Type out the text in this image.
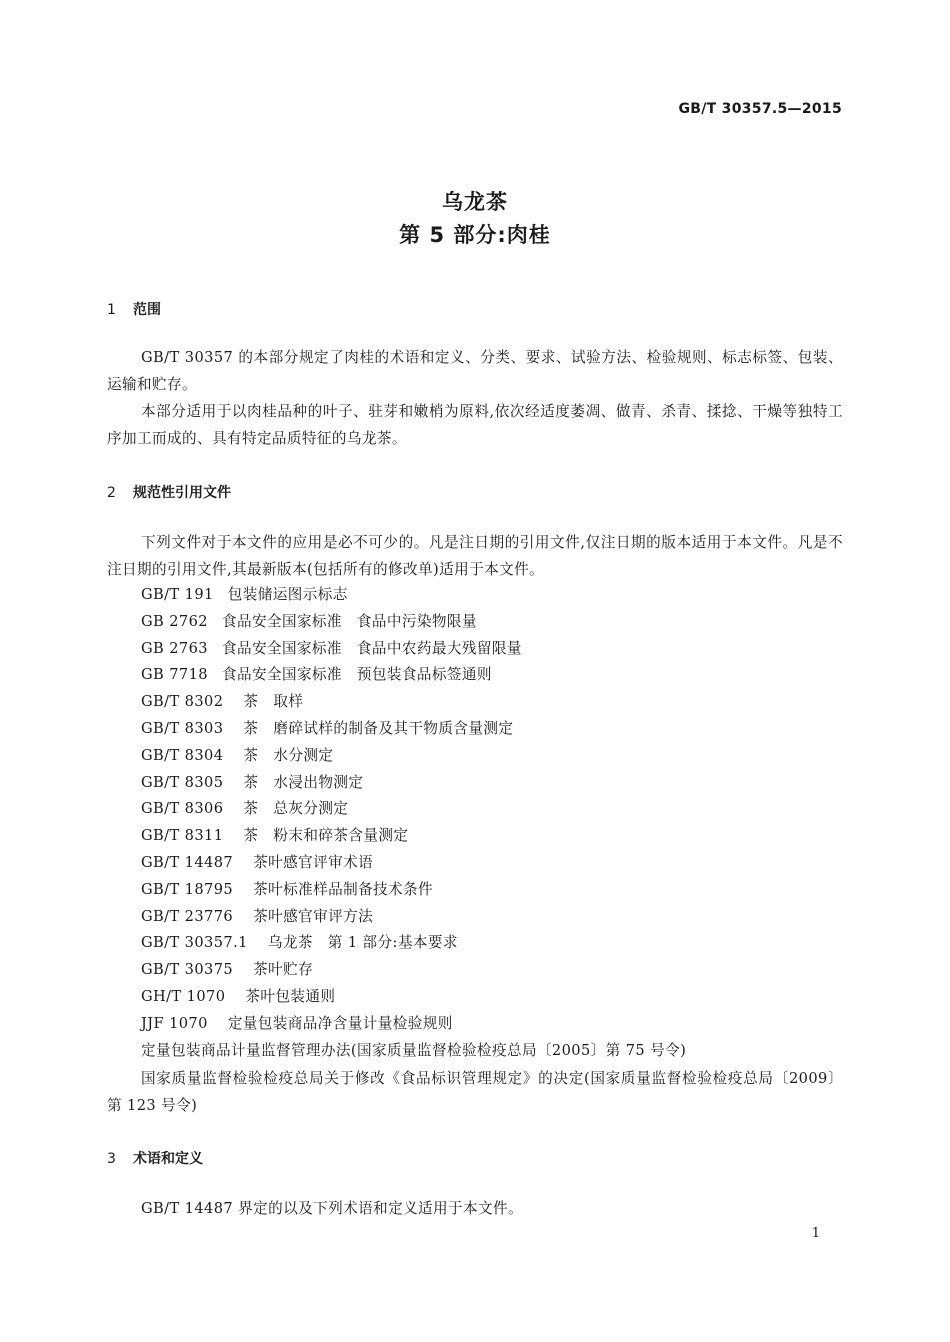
GB/T 30357.5—2015
乌龙茶
第 5 部分:肉桂
1 范围

GB/T 30357 的本部分规定了肉桂的术语和定义、分类、要求、试验方法、检验规则、标志标签、包装、运输和贮存。

本部分适用于以肉桂品种的叶子、驻芽和嫩梢为原料,依次经适度萎凋、做青、杀青、揉捻、干燥等独特工序加工而成的、具有特定品质特征的乌龙茶。

2 规范性引用文件

下列文件对于本文件的应用是必不可少的。凡是注日期的引用文件,仅注日期的版本适用于本文件。凡是不注日期的引用文件,其最新版本(包括所有的修改单)适用于本文件。

GB/T 191 包装储运图示标志
GB 2762 食品安全国家标准　食品中污染物限量
GB 2763 食品安全国家标准　食品中农药最大残留限量
GB 7718 食品安全国家标准　预包装食品标签通则
GB/T 8302 茶　取样
GB/T 8303 茶　磨碎试样的制备及其干物质含量测定
GB/T 8304 茶　水分测定
GB/T 8305 茶　水浸出物测定
GB/T 8306 茶　总灰分测定
GB/T 8311 茶　粉末和碎茶含量测定
GB/T 14487 茶叶感官评审术语
GB/T 18795 茶叶标准样品制备技术条件
GB/T 23776 茶叶感官审评方法
GB/T 30357.1 乌龙茶　第 1 部分:基本要求
GB/T 30375 茶叶贮存
GH/T 1070 茶叶包装通则
JJF 1070 定量包装商品净含量计量检验规则
定量包装商品计量监督管理办法(国家质量监督检验检疫总局〔2005〕第 75 号令)

国家质量监督检验检疫总局关于修改《食品标识管理规定》的决定(国家质量监督检验检疫总局〔2009〕第 123 号令)

3 术语和定义

GB/T 14487 界定的以及下列术语和定义适用于本文件。

1
